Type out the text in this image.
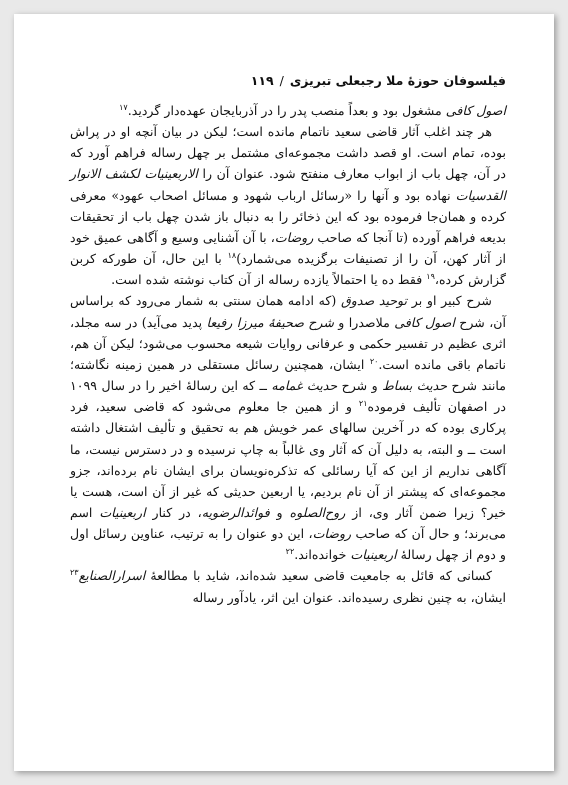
فیلسوفان حوزهٔ ملا رجبعلی تبریزی
/
۱۱۹

اصول کافی مشغول بود و بعداً منصب پدر را در آذربایجان عهده‌دار گردید.$^{۱۷}$

هر چند اغلب آثار قاضی سعید ناتمام مانده است؛ لیکن در بیان آنچه او در پراش بوده، تمام است. او قصد داشت مجموعه‌ای مشتمل بر چهل رساله فراهم آورد که در آن، چهل باب از ابواب معارف منفتح شود. عنوان آن را الاربعینیات لکشف الانوار القدسیات نهاده بود و آنها را «رسائل ارباب شهود و مسائل اصحاب عهود» معرفی کرده و همان‌جا فرموده بود که این ذخائر را به دنبال باز شدن چهل باب از تحقیقات بدیعه فراهم آورده (تا آنجا که صاحب روضات، با آن آشنایی وسیع و آگاهی عمیق خود از آثار کهن، آن را از تصنیفات برگزیده می‌شمارد)$^{۱۸}$ با این حال، آن طورکه کربن گزارش کرده،$^{۱۹}$ فقط ده یا احتمالاً یازده رساله از آن کتاب نوشته شده است.

شرح کبیر او بر توحید صدوق (که ادامه همان سنتی به شمار می‌رود که براساس آن، شرح اصول کافی ملاصدرا و شرح صحیفهٔ میرزا رفیعا پدید می‌آید) در سه مجلد، اثری عظیم در تفسیر حکمی و عرفانی روایات شیعه محسوب می‌شود؛ لیکن آن هم، ناتمام باقی مانده است.$^{۲۰}$ ایشان، همچنین رسائل مستقلی در همین زمینه نگاشته؛ مانند شرح حدیث بساط و شرح حدیث غمامه ــ که این رسالهٔ اخیر را در سال ۱۰۹۹ در اصفهان تألیف فرموده$^{۲۱}$ و از همین جا معلوم می‌شود که قاضی سعید، فرد پرکاری بوده که در آخرین سالهای عمر خویش هم به تحقیق و تألیف اشتغال داشته است ــ و البته، به دلیل آن که آثار وی غالباً به چاپ نرسیده و در دسترس نیست، ما آگاهی نداریم از این که آیا رسائلی که تذکره‌نویسان برای ایشان نام برده‌اند، جزو مجموعه‌ای که پیشتر از آن نام بردیم، یا اربعین حدیثی که غیر از آن است، هست یا خیر؟ زیرا ضمن آثار وی، از روح‌الصلوه و فوائدالرضویه، در کنار اربعینیات اسم می‌برند؛ و حال آن که صاحب روضات، این دو عنوان را به ترتیب، عناوین رسائل اول و دوم از چهل رسالهٔ اربعینیات خوانده‌اند.$^{۲۲}$

کسانی که قائل به جامعیت قاضی سعید شده‌اند، شاید با مطالعهٔ اسرارالصنایع$^{۲۳}$ ایشان، به چنین نظری رسیده‌اند. عنوان این اثر، یادآور رساله
